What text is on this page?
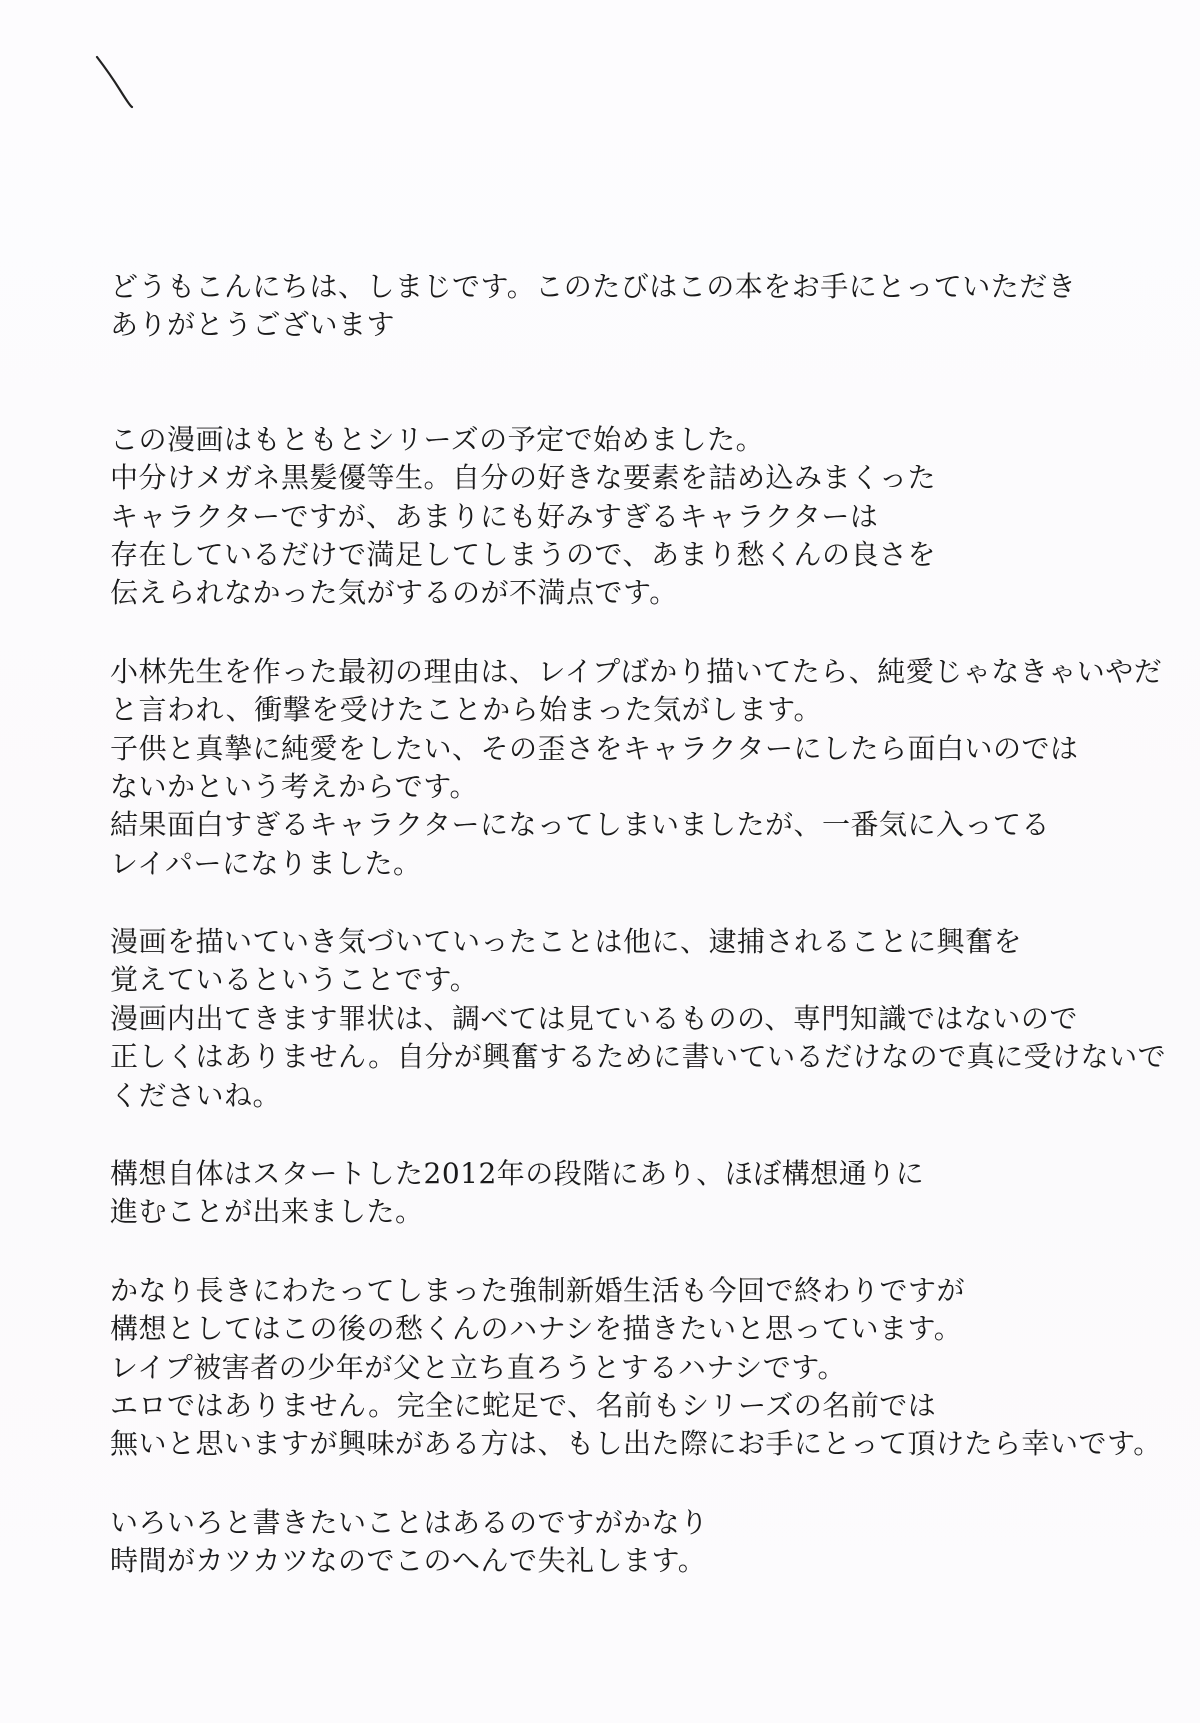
どうもこんにちは、しまじです。このたびはこの本をお手にとっていただき
ありがとうございます
この漫画はもともとシリーズの予定で始めました。
中分けメガネ黒髪優等生。自分の好きな要素を詰め込みまくった
キャラクターですが、あまりにも好みすぎるキャラクターは
存在しているだけで満足してしまうので、あまり愁くんの良さを
伝えられなかった気がするのが不満点です。
小林先生を作った最初の理由は、レイプばかり描いてたら、純愛じゃなきゃいやだ
と言われ、衝撃を受けたことから始まった気がします。
子供と真摯に純愛をしたい、その歪さをキャラクターにしたら面白いのでは
ないかという考えからです。
結果面白すぎるキャラクターになってしまいましたが、一番気に入ってる
レイパーになりました。
漫画を描いていき気づいていったことは他に、逮捕されることに興奮を
覚えているということです。
漫画内出てきます罪状は、調べては見ているものの、専門知識ではないので
正しくはありません。自分が興奮するために書いているだけなので真に受けないで
くださいね。
構想自体はスタートした2012年の段階にあり、ほぼ構想通りに
進むことが出来ました。
かなり長きにわたってしまった強制新婚生活も今回で終わりですが
構想としてはこの後の愁くんのハナシを描きたいと思っています。
レイプ被害者の少年が父と立ち直ろうとするハナシです。
エロではありません。完全に蛇足で、名前もシリーズの名前では
無いと思いますが興味がある方は、もし出た際にお手にとって頂けたら幸いです。
いろいろと書きたいことはあるのですがかなり
時間がカツカツなのでこのへんで失礼します。
